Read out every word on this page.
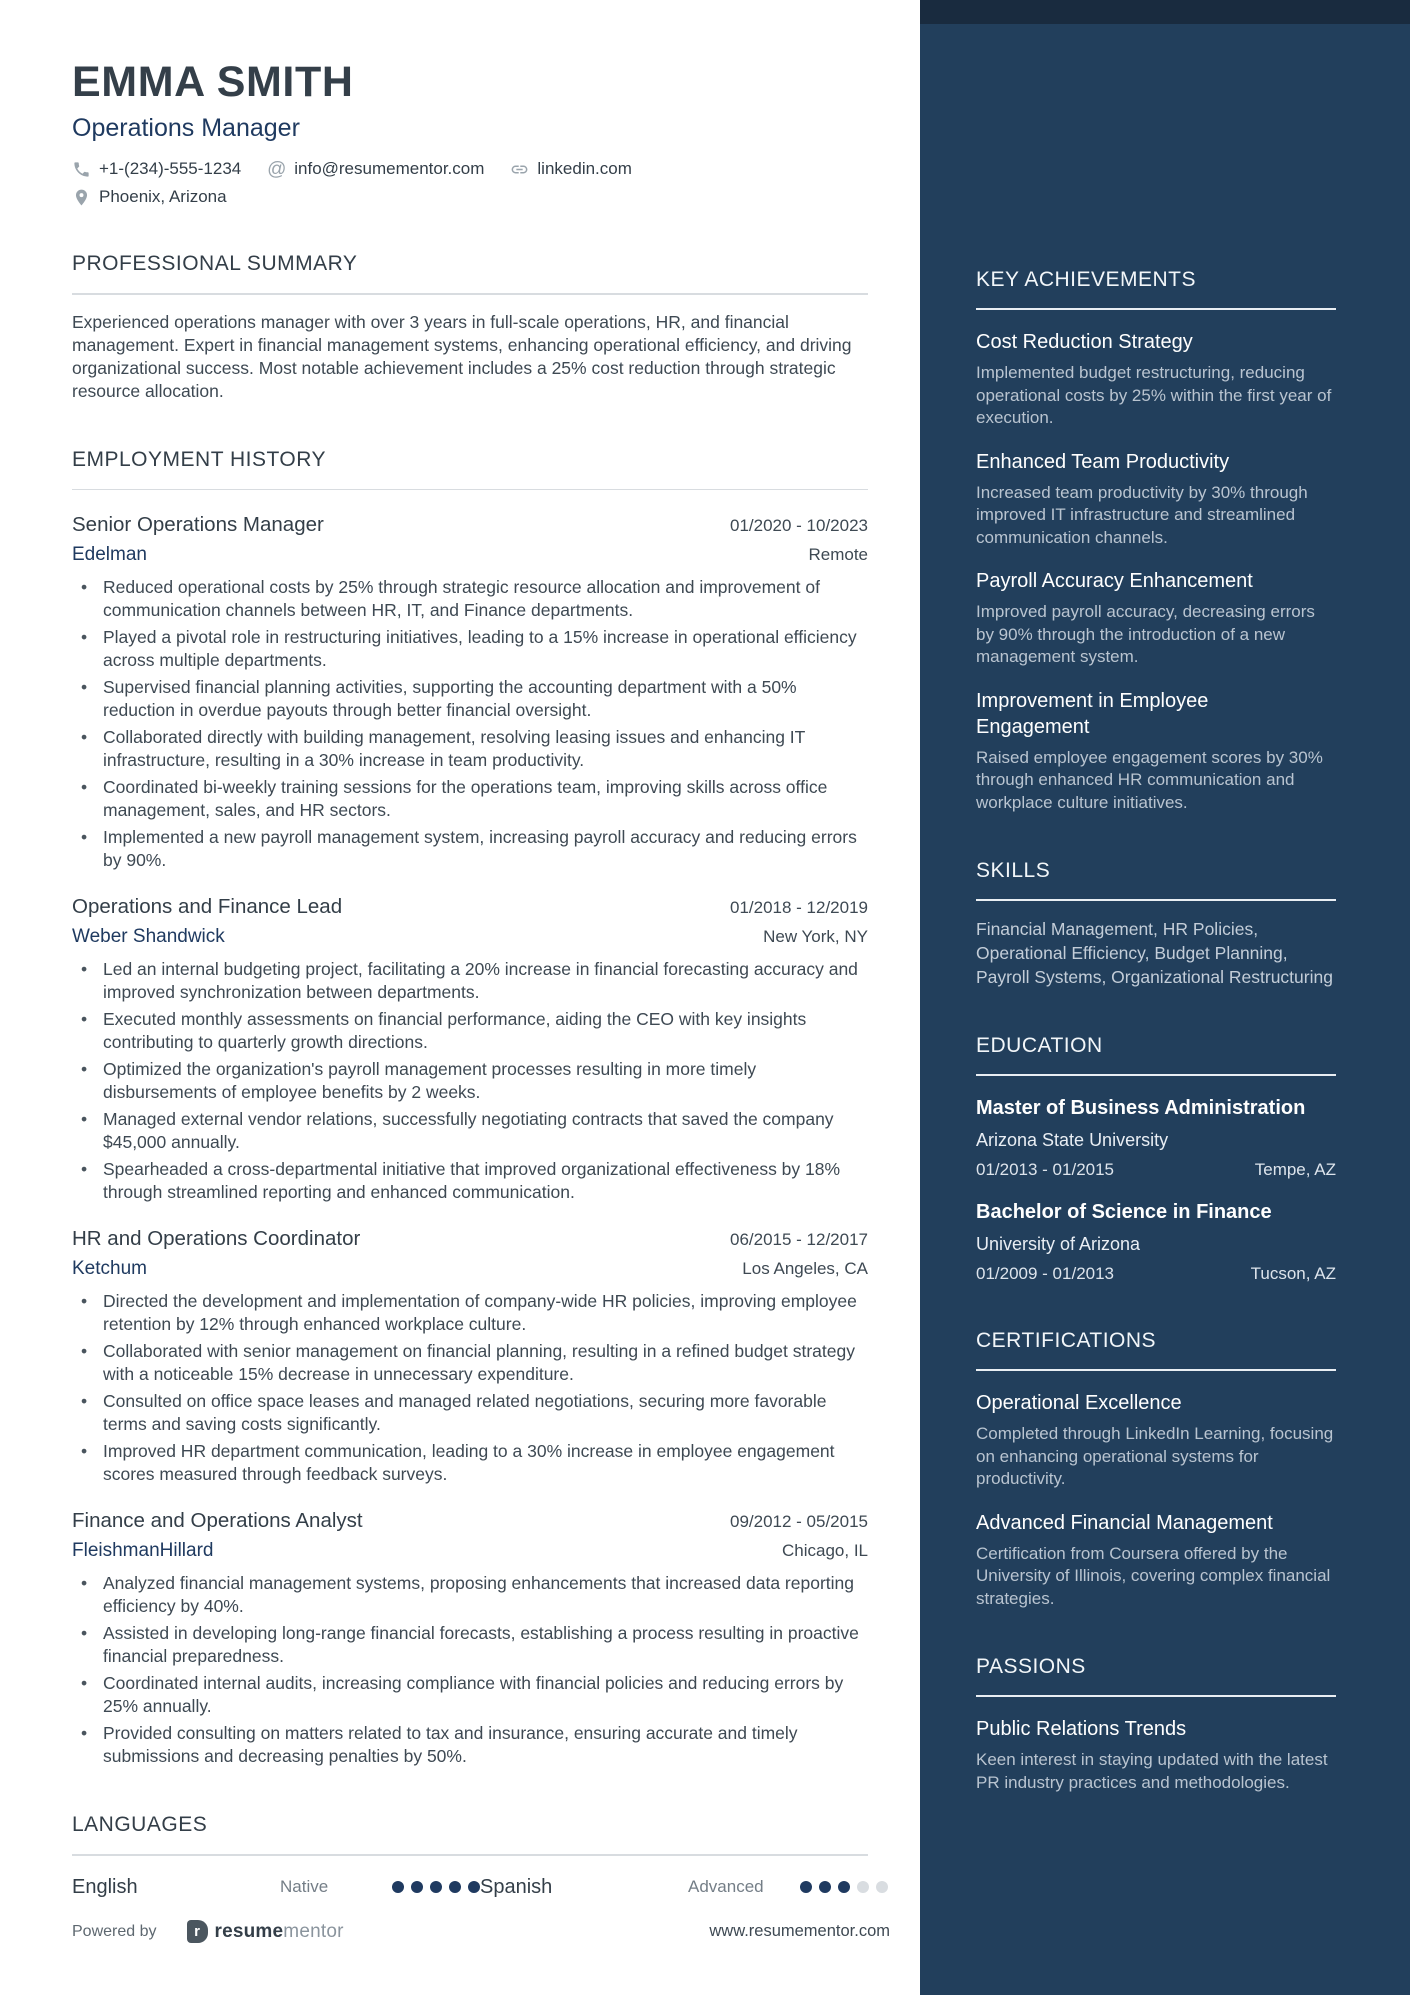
EMMA SMITH
Operations Manager
+1-(234)-555-1234 @ info@resumementor.com	linkedin.com
Phoenix, Arizona
PROFESSIONAL SUMMARY
Experienced operations manager with over 3 years in full-scale operations, HR, and financial management. Expert in financial management systems, enhancing operational efficiency, and driving organizational success. Most notable achievement includes a 25% cost reduction through strategic resource allocation.
EMPLOYMENT HISTORY
Senior Operations Manager	01/2020 - 10/2023
Edelman	Remote
• Reduced operational costs by 25% through strategic resource allocation and improvement of communication channels between HR, IT, and Finance departments.
• Played a pivotal role in restructuring initiatives, leading to a 15% increase in operational efficiency across multiple departments.
• Supervised financial planning activities, supporting the accounting department with a 50% reduction in overdue payouts through better financial oversight.
• Collaborated directly with building management, resolving leasing issues and enhancing IT infrastructure, resulting in a 30% increase in team productivity.
• Coordinated bi-weekly training sessions for the operations team, improving skills across office management, sales, and HR sectors.
• Implemented a new payroll management system, increasing payroll accuracy and reducing errors by 90%.
Operations and Finance Lead	01/2018 - 12/2019
Weber Shandwick	New York, NY
• Led an internal budgeting project, facilitating a 20% increase in financial forecasting accuracy and improved synchronization between departments.
• Executed monthly assessments on financial performance, aiding the CEO with key insights contributing to quarterly growth directions.
• Optimized the organization's payroll management processes resulting in more timely disbursements of employee benefits by 2 weeks.
• Managed external vendor relations, successfully negotiating contracts that saved the company $45,000 annually.
• Spearheaded a cross-departmental initiative that improved organizational effectiveness by 18% through streamlined reporting and enhanced communication.
HR and Operations Coordinator	06/2015 - 12/2017
Ketchum	Los Angeles, CA
• Directed the development and implementation of company-wide HR policies, improving employee retention by 12% through enhanced workplace culture.
• Collaborated with senior management on financial planning, resulting in a refined budget strategy with a noticeable 15% decrease in unnecessary expenditure.
• Consulted on office space leases and managed related negotiations, securing more favorable terms and saving costs significantly.
• Improved HR department communication, leading to a 30% increase in employee engagement scores measured through feedback surveys.
Finance and Operations Analyst	09/2012 - 05/2015
FleishmanHillard	Chicago, IL
• Analyzed financial management systems, proposing enhancements that increased data reporting efficiency by 40%.
• Assisted in developing long-range financial forecasts, establishing a process resulting in proactive financial preparedness.
• Coordinated internal audits, increasing compliance with financial policies and reducing errors by 25% annually.
• Provided consulting on matters related to tax and insurance, ensuring accurate and timely submissions and decreasing penalties by 50%.
LANGUAGES
English	Native	Spanish	Advanced
Powered by	r resumementor	www.resumementor.com
KEY ACHIEVEMENTS
Cost Reduction Strategy
Implemented budget restructuring, reducing operational costs by 25% within the first year of execution.
Enhanced Team Productivity
Increased team productivity by 30% through improved IT infrastructure and streamlined communication channels.
Payroll Accuracy Enhancement
Improved payroll accuracy, decreasing errors by 90% through the introduction of a new management system.
Improvement in Employee Engagement
Raised employee engagement scores by 30% through enhanced HR communication and workplace culture initiatives.
SKILLS
Financial Management, HR Policies, Operational Efficiency, Budget Planning, Payroll Systems, Organizational Restructuring
EDUCATION
Master of Business Administration
Arizona State University
01/2013 - 01/2015	Tempe, AZ
Bachelor of Science in Finance
University of Arizona
01/2009 - 01/2013	Tucson, AZ
CERTIFICATIONS
Operational Excellence
Completed through LinkedIn Learning, focusing on enhancing operational systems for productivity.
Advanced Financial Management
Certification from Coursera offered by the University of Illinois, covering complex financial strategies.
PASSIONS
Public Relations Trends
Keen interest in staying updated with the latest PR industry practices and methodologies.
